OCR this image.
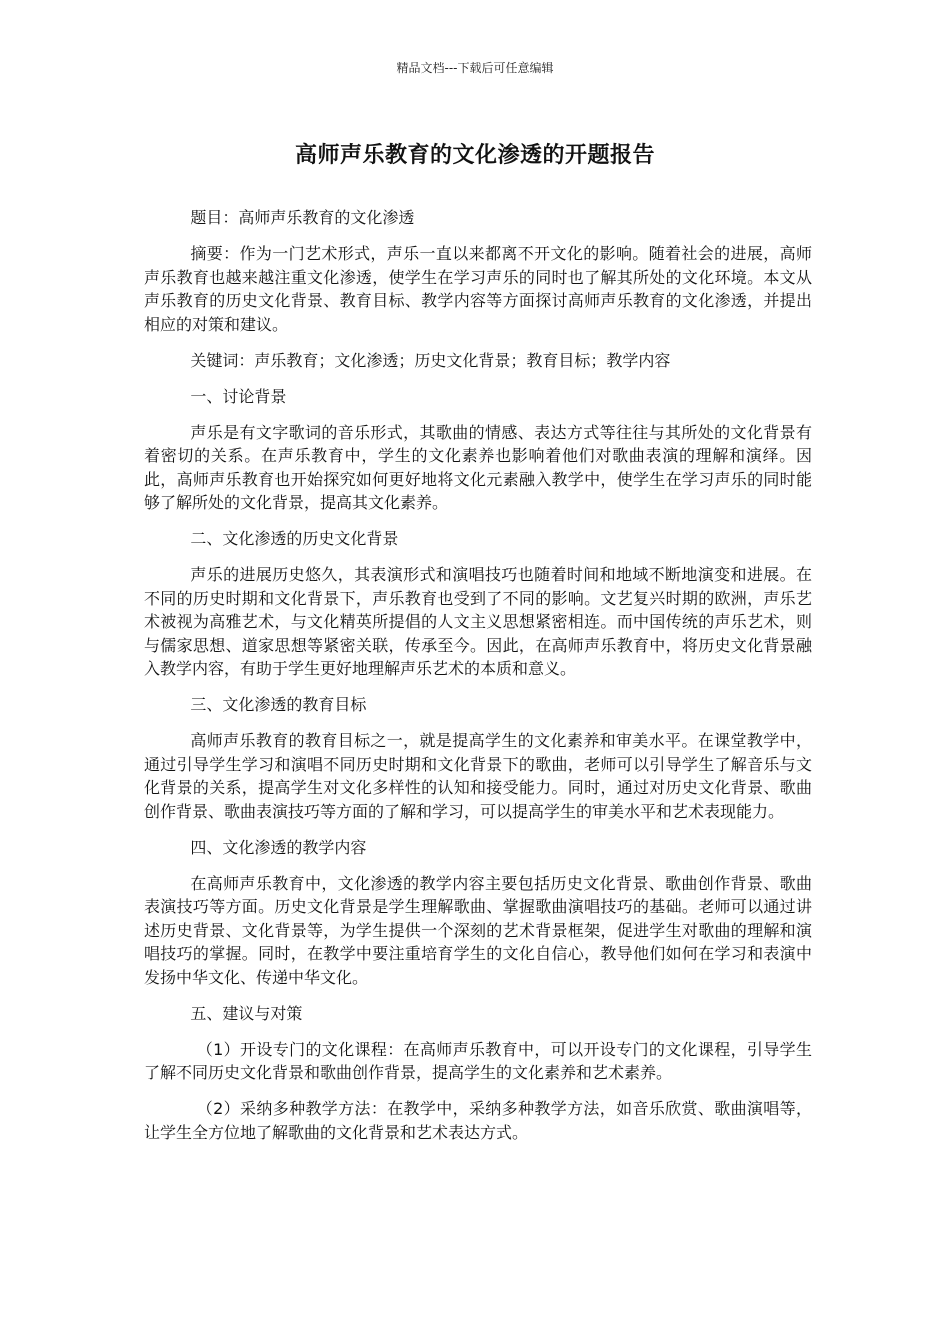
精品文档---下载后可任意编辑
高师声乐教育的文化渗透的开题报告

题目：高师声乐教育的文化渗透

摘要：作为一门艺术形式，声乐一直以来都离不开文化的影响。随着社会的进展，高师声乐教育也越来越注重文化渗透，使学生在学习声乐的同时也了解其所处的文化环境。本文从声乐教育的历史文化背景、教育目标、教学内容等方面探讨高师声乐教育的文化渗透，并提出相应的对策和建议。

关键词：声乐教育；文化渗透；历史文化背景；教育目标；教学内容

一、讨论背景

声乐是有文字歌词的音乐形式，其歌曲的情感、表达方式等往往与其所处的文化背景有着密切的关系。在声乐教育中，学生的文化素养也影响着他们对歌曲表演的理解和演绎。因此，高师声乐教育也开始探究如何更好地将文化元素融入教学中，使学生在学习声乐的同时能够了解所处的文化背景，提高其文化素养。

二、文化渗透的历史文化背景

声乐的进展历史悠久，其表演形式和演唱技巧也随着时间和地域不断地演变和进展。在不同的历史时期和文化背景下，声乐教育也受到了不同的影响。文艺复兴时期的欧洲，声乐艺术被视为高雅艺术，与文化精英所提倡的人文主义思想紧密相连。而中国传统的声乐艺术，则与儒家思想、道家思想等紧密关联，传承至今。因此，在高师声乐教育中，将历史文化背景融入教学内容，有助于学生更好地理解声乐艺术的本质和意义。

三、文化渗透的教育目标

高师声乐教育的教育目标之一，就是提高学生的文化素养和审美水平。在课堂教学中，通过引导学生学习和演唱不同历史时期和文化背景下的歌曲，老师可以引导学生了解音乐与文化背景的关系，提高学生对文化多样性的认知和接受能力。同时，通过对历史文化背景、歌曲创作背景、歌曲表演技巧等方面的了解和学习，可以提高学生的审美水平和艺术表现能力。

四、文化渗透的教学内容

在高师声乐教育中，文化渗透的教学内容主要包括历史文化背景、歌曲创作背景、歌曲表演技巧等方面。历史文化背景是学生理解歌曲、掌握歌曲演唱技巧的基础。老师可以通过讲述历史背景、文化背景等，为学生提供一个深刻的艺术背景框架，促进学生对歌曲的理解和演唱技巧的掌握。同时，在教学中要注重培育学生的文化自信心，教导他们如何在学习和表演中发扬中华文化、传递中华文化。

五、建议与对策

（1）开设专门的文化课程：在高师声乐教育中，可以开设专门的文化课程，引导学生了解不同历史文化背景和歌曲创作背景，提高学生的文化素养和艺术素养。

（2）采纳多种教学方法：在教学中，采纳多种教学方法，如音乐欣赏、歌曲演唱等，让学生全方位地了解歌曲的文化背景和艺术表达方式。
